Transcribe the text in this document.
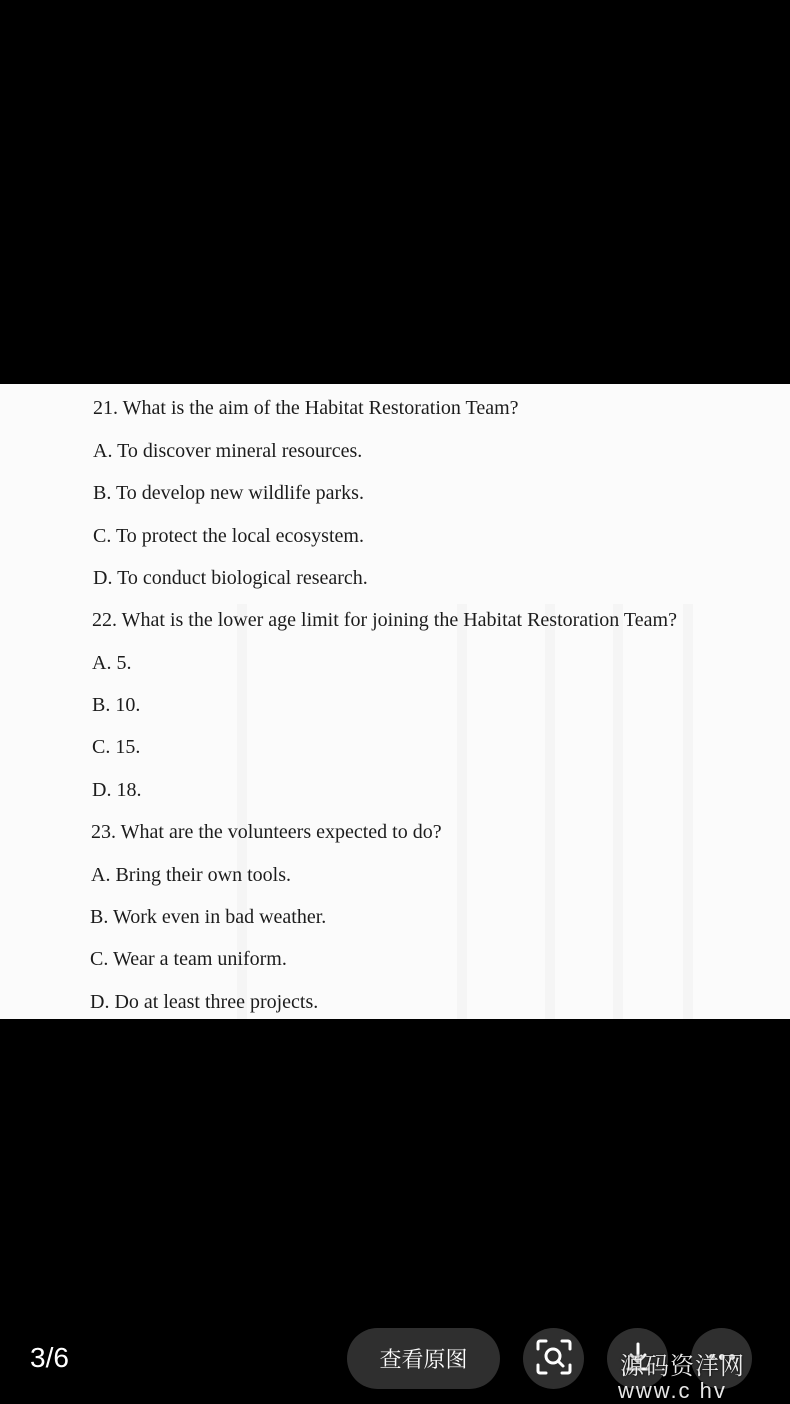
21. What is the aim of the Habitat Restoration Team?
A. To discover mineral resources.
B. To develop new wildlife parks.
C. To protect the local ecosystem.
D. To conduct biological research.
22. What is the lower age limit for joining the Habitat Restoration Team?
A. 5.
B. 10.
C. 15.
D. 18.
23. What are the volunteers expected to do?
A. Bring their own tools.
B. Work even in bad weather.
C. Wear a team uniform.
D. Do at least three projects.
3/6	查看原图	源码资洋网
www.c hv
